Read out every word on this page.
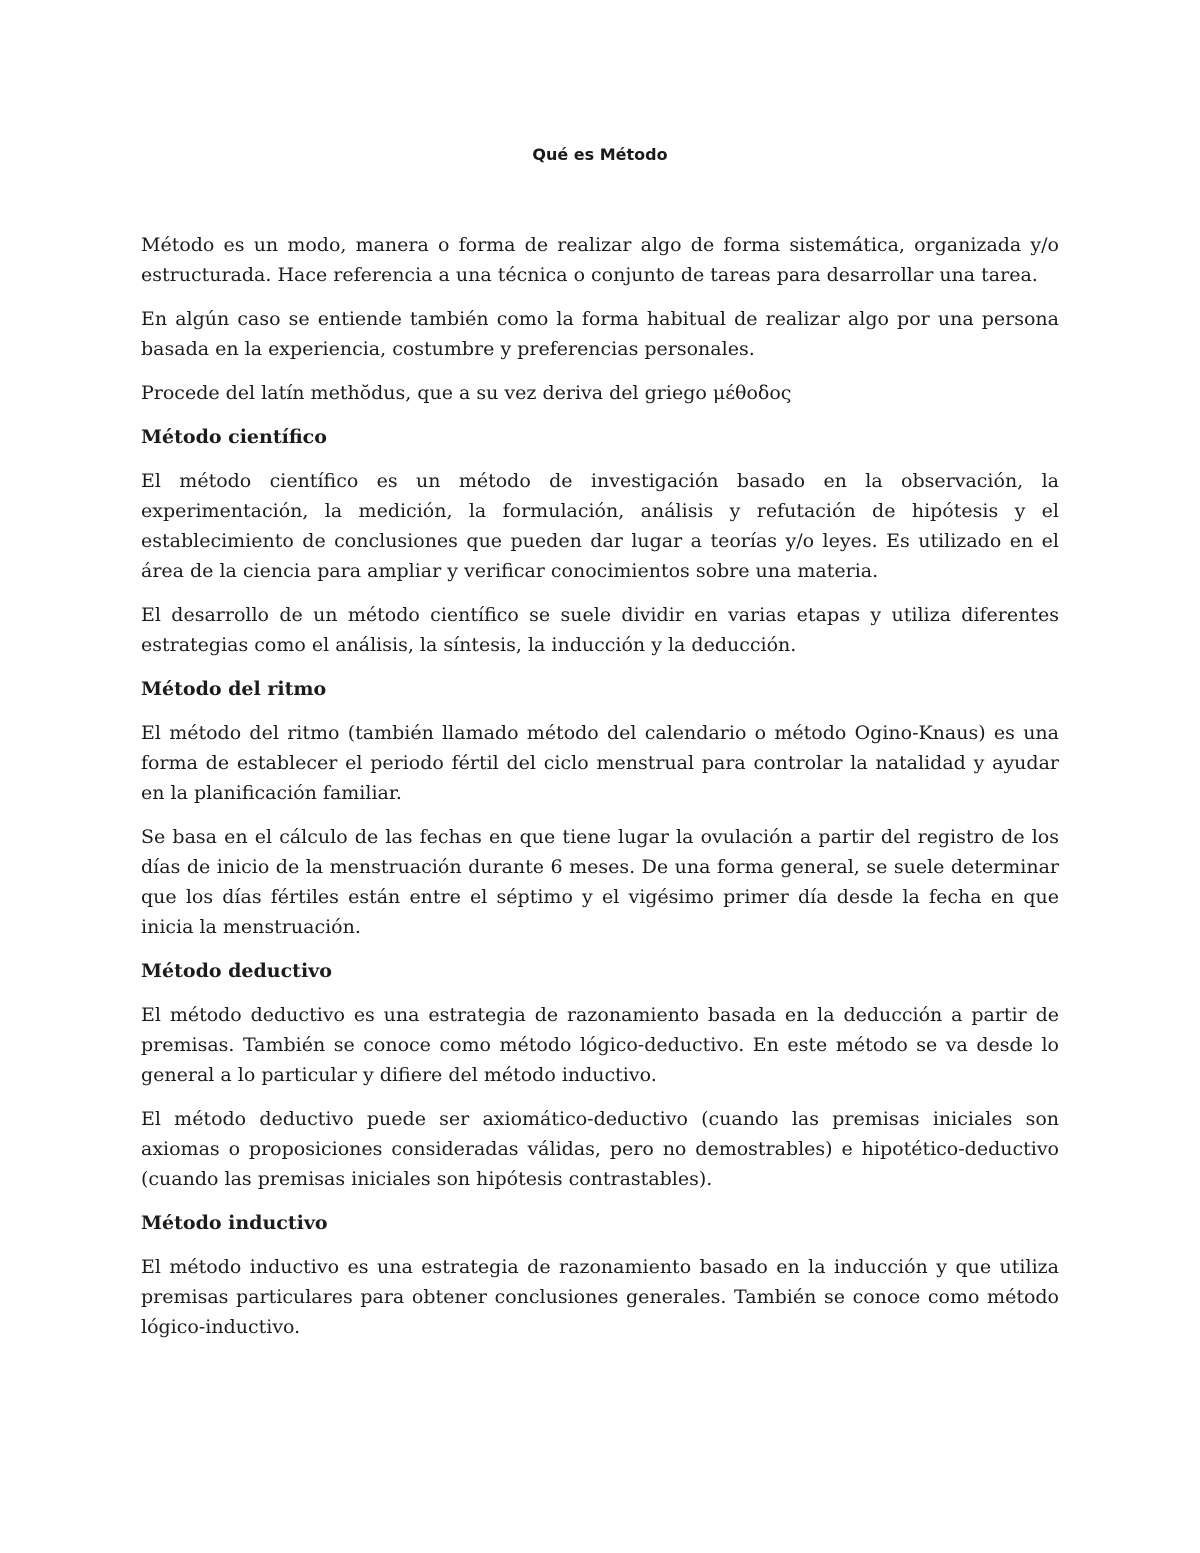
Qué es Método

Método es un modo, manera o forma de realizar algo de forma sistemática, organizada y/o estructurada. Hace referencia a una técnica o conjunto de tareas para desarrollar una tarea.

En algún caso se entiende también como la forma habitual de realizar algo por una persona basada en la experiencia, costumbre y preferencias personales.

Procede del latín methŏdus, que a su vez deriva del griego μέθοδος

Método científico

El método científico es un método de investigación basado en la observación, la experimentación, la medición, la formulación, análisis y refutación de hipótesis y el establecimiento de conclusiones que pueden dar lugar a teorías y/o leyes. Es utilizado en el área de la ciencia para ampliar y verificar conocimientos sobre una materia.

El desarrollo de un método científico se suele dividir en varias etapas y utiliza diferentes estrategias como el análisis, la síntesis, la inducción y la deducción.

Método del ritmo

El método del ritmo (también llamado método del calendario o método Ogino-Knaus) es una forma de establecer el periodo fértil del ciclo menstrual para controlar la natalidad y ayudar en la planificación familiar.

Se basa en el cálculo de las fechas en que tiene lugar la ovulación a partir del registro de los días de inicio de la menstruación durante 6 meses. De una forma general, se suele determinar que los días fértiles están entre el séptimo y el vigésimo primer día desde la fecha en que inicia la menstruación.

Método deductivo

El método deductivo es una estrategia de razonamiento basada en la deducción a partir de premisas. También se conoce como método lógico-deductivo. En este método se va desde lo general a lo particular y difiere del método inductivo.

El método deductivo puede ser axiomático-deductivo (cuando las premisas iniciales son axiomas o proposiciones consideradas válidas, pero no demostrables) e hipotético-deductivo (cuando las premisas iniciales son hipótesis contrastables).

Método inductivo

El método inductivo es una estrategia de razonamiento basado en la inducción y que utiliza premisas particulares para obtener conclusiones generales. También se conoce como método lógico-inductivo.
